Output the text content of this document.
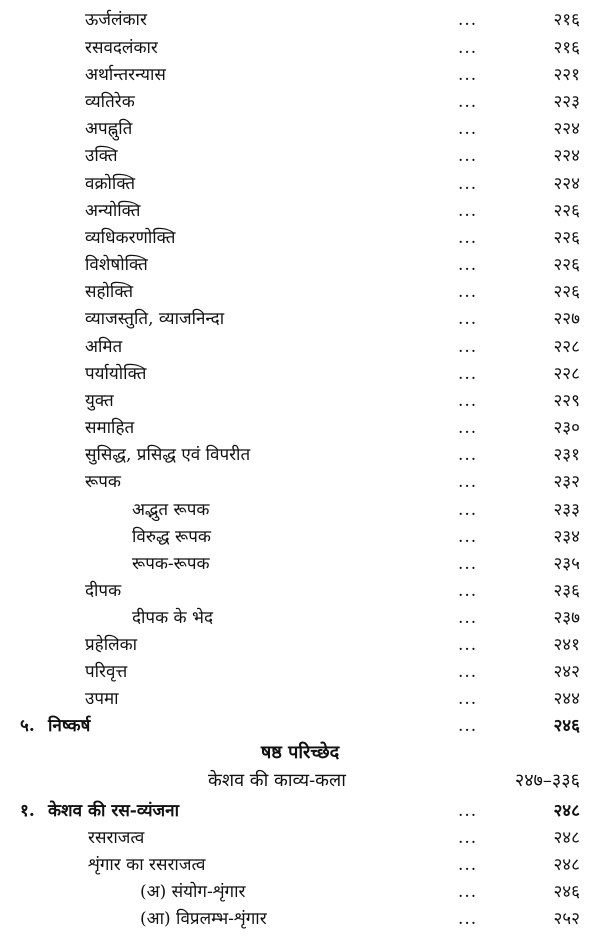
ऊर्जलंकार	...	२१६
रसवदलंकार	...	२१६
अर्थान्तरन्यास	...	२२१
व्यतिरेक	...	२२३
अपह्नुति	...	२२४
उक्ति	...	२२४
वक्रोक्ति	...	२२४
अन्योक्ति	...	२२६
व्यधिकरणोक्ति	...	२२६
विशेषोक्ति	...	२२६
सहोक्ति	...	२२६
व्याजस्तुति, व्याजनिन्दा	...	२२७
अमित	...	२२८
पर्यायोक्ति	...	२२८
युक्त	...	२२९
समाहित	...	२३०
सुसिद्ध, प्रसिद्ध एवं विपरीत	...	२३१
रूपक	...	२३२
अद्भुत रूपक	...	२३३
विरुद्ध रूपक	...	२३४
रूपक-रूपक	...	२३५
दीपक	...	२३६
दीपक के भेद	...	२३७
प्रहेलिका	...	२४१
परिवृत्त	...	२४२
उपमा	...	२४४
५. निष्कर्ष	...	२४६
षष्ठ परिच्छेद
केशव की काव्य-कला	२४७–३३६
१. केशव की रस-व्यंजना	...	२४८
रसराजत्व	...	२४८
शृंगार का रसराजत्व	...	२४८
(अ) संयोग-शृंगार	...	२४६
(आ) विप्रलम्भ-शृंगार	...	२५२
